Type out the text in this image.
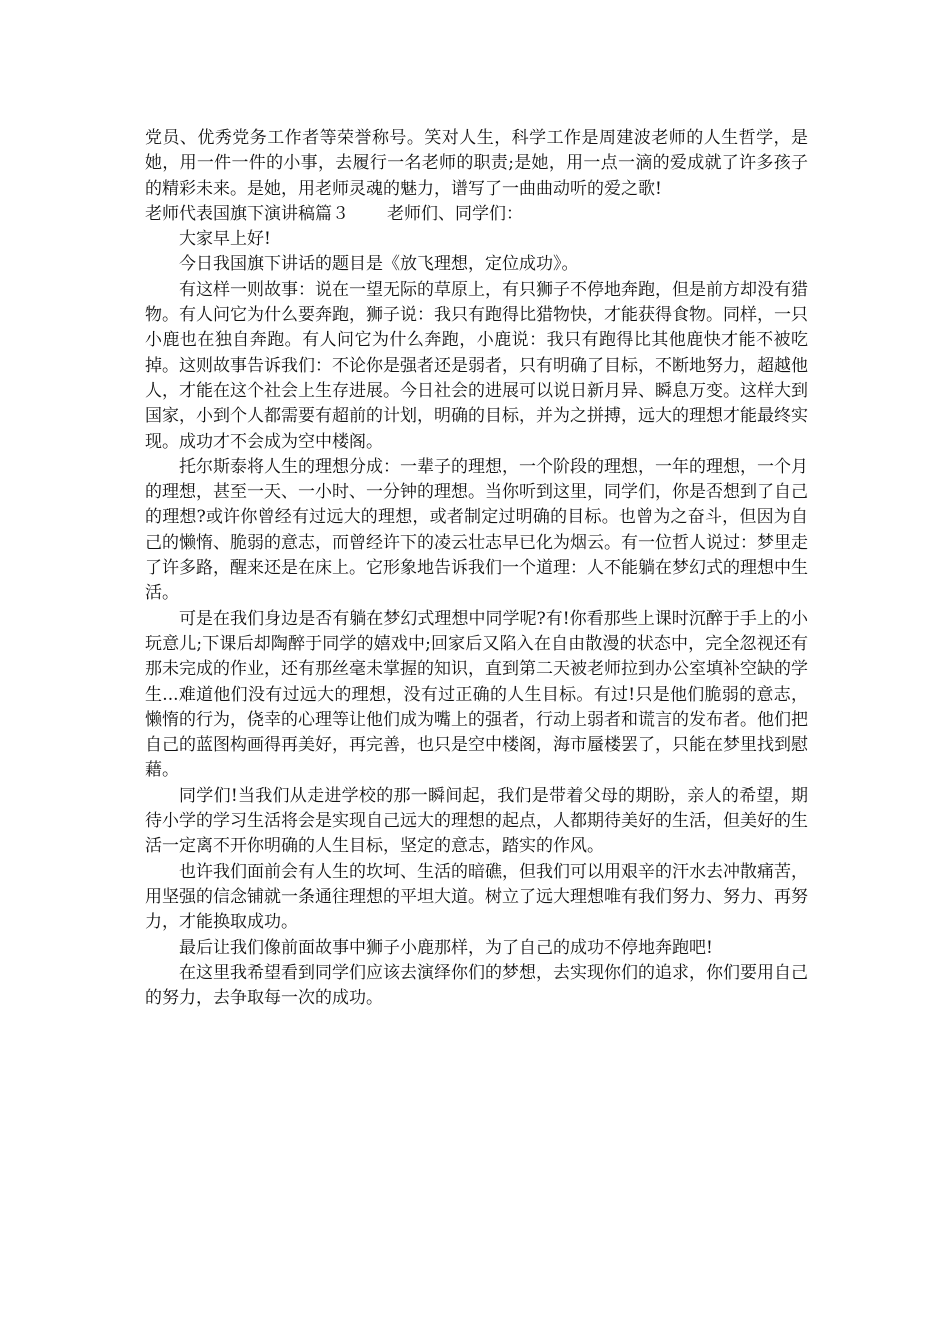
党员、优秀党务工作者等荣誉称号。笑对人生，科学工作是周建波老师的人生哲学，是她，用一件一件的小事，去履行一名老师的职责;是她，用一点一滴的爱成就了许多孩子的精彩未来。是她，用老师灵魂的魅力，谱写了一曲曲动听的爱之歌!

老师代表国旗下演讲稿篇３ 老师们、同学们：

大家早上好!

今日我国旗下讲话的题目是《放飞理想，定位成功》。

有这样一则故事：说在一望无际的草原上，有只狮子不停地奔跑，但是前方却没有猎物。有人问它为什么要奔跑，狮子说：我只有跑得比猎物快，才能获得食物。同样，一只小鹿也在独自奔跑。有人问它为什么奔跑，小鹿说：我只有跑得比其他鹿快才能不被吃掉。这则故事告诉我们：不论你是强者还是弱者，只有明确了目标，不断地努力，超越他人，才能在这个社会上生存进展。今日社会的进展可以说日新月异、瞬息万变。这样大到国家，小到个人都需要有超前的计划，明确的目标，并为之拼搏，远大的理想才能最终实现。成功才不会成为空中楼阁。

托尔斯泰将人生的理想分成：一辈子的理想，一个阶段的理想，一年的理想，一个月的理想，甚至一天、一小时、一分钟的理想。当你听到这里，同学们，你是否想到了自己的理想?或许你曾经有过远大的理想，或者制定过明确的目标。也曾为之奋斗，但因为自己的懒惰、脆弱的意志，而曾经许下的凌云壮志早已化为烟云。有一位哲人说过：梦里走了许多路，醒来还是在床上。它形象地告诉我们一个道理：人不能躺在梦幻式的理想中生活。

可是在我们身边是否有躺在梦幻式理想中同学呢?有!你看那些上课时沉醉于手上的小玩意儿;下课后却陶醉于同学的嬉戏中;回家后又陷入在自由散漫的状态中，完全忽视还有那未完成的作业，还有那丝毫未掌握的知识，直到第二天被老师拉到办公室填补空缺的学生...难道他们没有过远大的理想，没有过正确的人生目标。有过!只是他们脆弱的意志，懒惰的行为，侥幸的心理等让他们成为嘴上的强者，行动上弱者和谎言的发布者。他们把自己的蓝图构画得再美好，再完善，也只是空中楼阁，海市蜃楼罢了，只能在梦里找到慰藉。

同学们!当我们从走进学校的那一瞬间起，我们是带着父母的期盼，亲人的希望，期待小学的学习生活将会是实现自己远大的理想的起点，人都期待美好的生活，但美好的生活一定离不开你明确的人生目标，坚定的意志，踏实的作风。

也许我们面前会有人生的坎坷、生活的暗礁，但我们可以用艰辛的汗水去冲散痛苦，用坚强的信念铺就一条通往理想的平坦大道。树立了远大理想唯有我们努力、努力、再努力，才能换取成功。

最后让我们像前面故事中狮子小鹿那样，为了自己的成功不停地奔跑吧!

在这里我希望看到同学们应该去演绎你们的梦想，去实现你们的追求，你们要用自己的努力，去争取每一次的成功。
